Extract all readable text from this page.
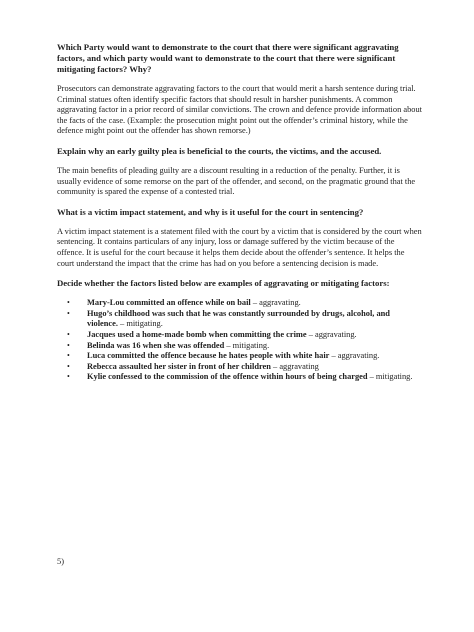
Which Party would want to demonstrate to the court that there were significant aggravating factors, and which party would want to demonstrate to the court that there were significant mitigating factors? Why?

Prosecutors can demonstrate aggravating factors to the court that would merit a harsh sentence during trial. Criminal statues often identify specific factors that should result in harsher punishments. A common aggravating factor in a prior record of similar convictions. The crown and defence provide information about the facts of the case. (Example: the prosecution might point out the offender’s criminal history, while the defence might point out the offender has shown remorse.)

Explain why an early guilty plea is beneficial to the courts, the victims, and the accused.

The main benefits of pleading guilty are a discount resulting in a reduction of the penalty. Further, it is usually evidence of some remorse on the part of the offender, and second, on the pragmatic ground that the community is spared the expense of a contested trial.

What is a victim impact statement, and why is it useful for the court in sentencing?

A victim impact statement is a statement filed with the court by a victim that is considered by the court when sentencing. It contains particulars of any injury, loss or damage suffered by the victim because of the offence. It is useful for the court because it helps them decide about the offender’s sentence. It helps the court understand the impact that the crime has had on you before a sentencing decision is made.

Decide whether the factors listed below are examples of aggravating or mitigating factors:

• Mary-Lou committed an offence while on bail – aggravating.
• Hugo’s childhood was such that he was constantly surrounded by drugs, alcohol, and violence. – mitigating.
• Jacques used a home-made bomb when committing the crime – aggravating.
• Belinda was 16 when she was offended – mitigating.
• Luca committed the offence because he hates people with white hair – aggravating.
• Rebecca assaulted her sister in front of her children – aggravating
• Kylie confessed to the commission of the offence within hours of being charged – mitigating.
5)
